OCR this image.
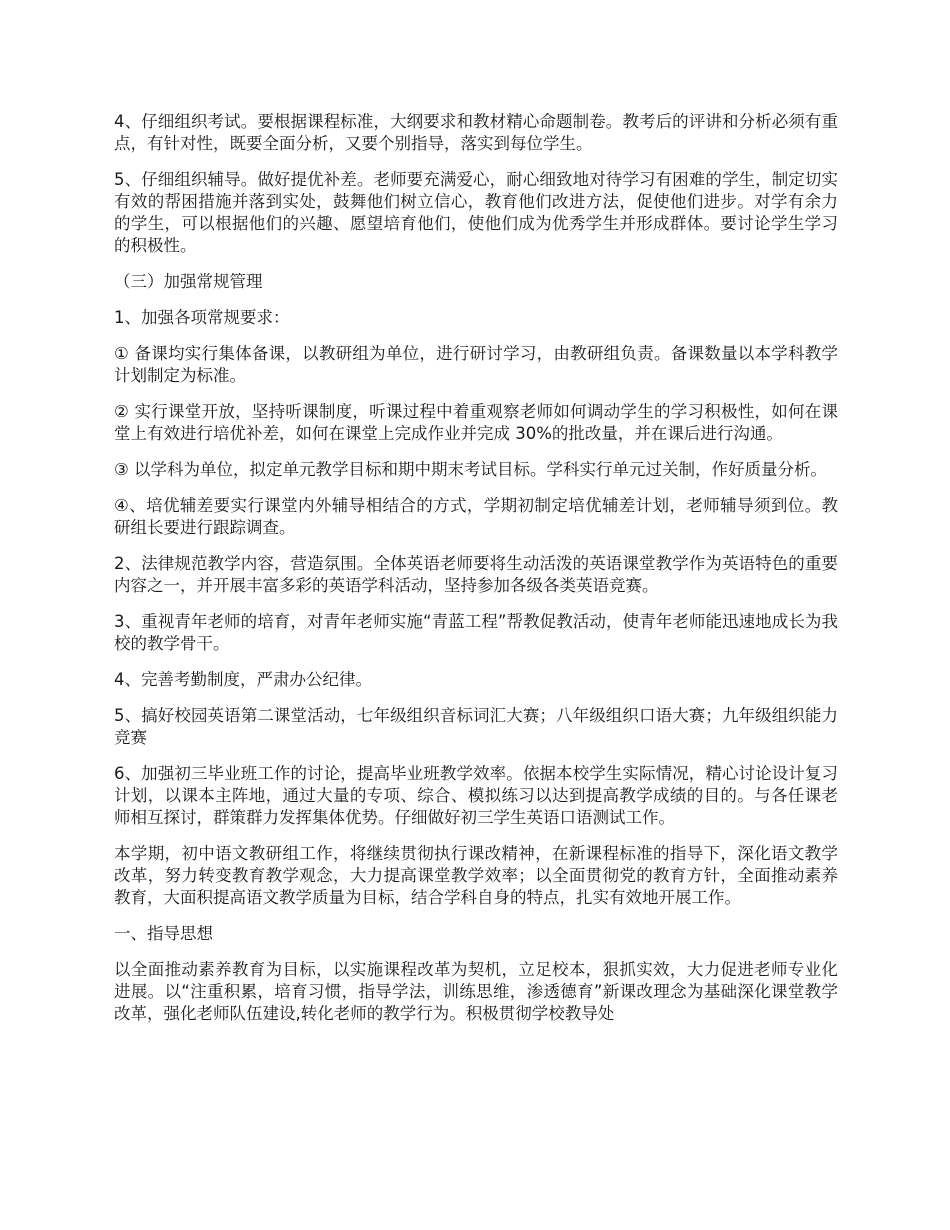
4、仔细组织考试。要根据课程标准，大纲要求和教材精心命题制卷。教考后的评讲和分析必须有重点，有针对性，既要全面分析，又要个别指导，落实到每位学生。

5、仔细组织辅导。做好提优补差。老师要充满爱心，耐心细致地对待学习有困难的学生，制定切实有效的帮困措施并落到实处，鼓舞他们树立信心，教育他们改进方法，促使他们进步。对学有余力的学生，可以根据他们的兴趣、愿望培育他们，使他们成为优秀学生并形成群体。要讨论学生学习的积极性。

（三）加强常规管理

1、加强各项常规要求：

① 备课均实行集体备课，以教研组为单位，进行研讨学习，由教研组负责。备课数量以本学科教学计划制定为标准。

② 实行课堂开放，坚持听课制度，听课过程中着重观察老师如何调动学生的学习积极性，如何在课堂上有效进行培优补差，如何在课堂上完成作业并完成 30%的批改量，并在课后进行沟通。

③ 以学科为单位，拟定单元教学目标和期中期末考试目标。学科实行单元过关制，作好质量分析。

④、培优辅差要实行课堂内外辅导相结合的方式，学期初制定培优辅差计划，老师辅导须到位。教研组长要进行跟踪调查。

2、法律规范教学内容，营造氛围。全体英语老师要将生动活泼的英语课堂教学作为英语特色的重要内容之一，并开展丰富多彩的英语学科活动，坚持参加各级各类英语竞赛。

3、重视青年老师的培育，对青年老师实施“青蓝工程”帮教促教活动，使青年老师能迅速地成长为我校的教学骨干。

4、完善考勤制度，严肃办公纪律。

5、搞好校园英语第二课堂活动，七年级组织音标词汇大赛；八年级组织口语大赛；九年级组织能力竞赛

6、加强初三毕业班工作的讨论，提高毕业班教学效率。依据本校学生实际情况，精心讨论设计复习计划，以课本主阵地，通过大量的专项、综合、模拟练习以达到提高教学成绩的目的。与各任课老师相互探讨，群策群力发挥集体优势。仔细做好初三学生英语口语测试工作。

本学期，初中语文教研组工作，将继续贯彻执行课改精神，在新课程标准的指导下，深化语文教学改革，努力转变教育教学观念，大力提高课堂教学效率；以全面贯彻党的教育方针，全面推动素养教育，大面积提高语文教学质量为目标，结合学科自身的特点，扎实有效地开展工作。

一、指导思想

以全面推动素养教育为目标，以实施课程改革为契机，立足校本，狠抓实效，大力促进老师专业化进展。以“注重积累，培育习惯，指导学法，训练思维，渗透德育”新课改理念为基础深化课堂教学改革，强化老师队伍建设,转化老师的教学行为。积极贯彻学校教导处
